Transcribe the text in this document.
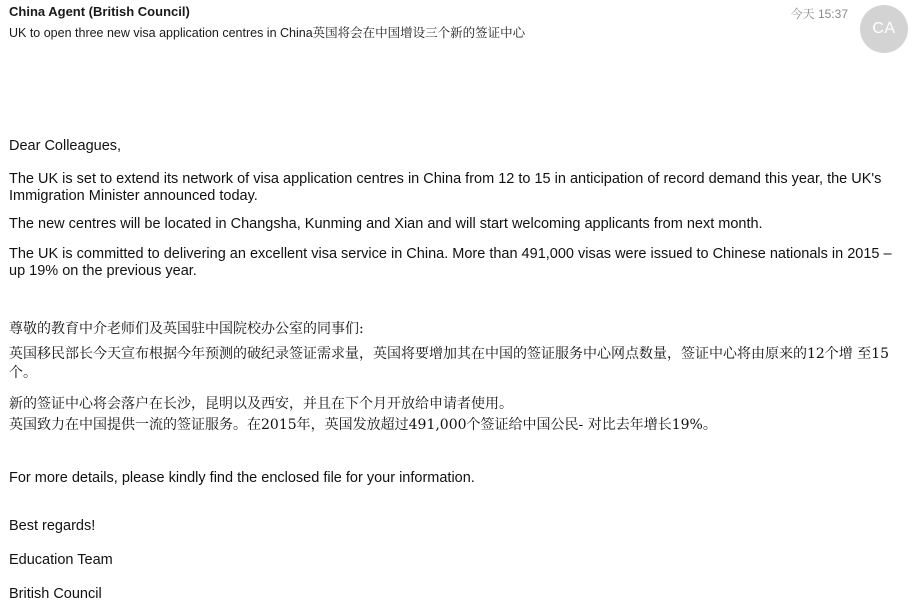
China Agent (British Council)
UK to open three new visa application centres in China英国将会在中国增设三个新的签证中心
今天 15:37
CA

Dear Colleagues,

The UK is set to extend its network of visa application centres in China from 12 to 15 in anticipation of record demand this year, the UK's Immigration Minister announced today.

The new centres will be located in Changsha, Kunming and Xian and will start welcoming applicants from next month.

The UK is committed to delivering an excellent visa service in China. More than 491,000 visas were issued to Chinese nationals in 2015 – up 19% on the previous year.

尊敬的教育中介老师们及英国驻中国院校办公室的同事们:

英国移民部长今天宣布根据今年预测的破纪录签证需求量，英国将要增加其在中国的签证服务中心网点数量，签证中心将由原来的12个增 至15个。

新的签证中心将会落户在长沙，昆明以及西安，并且在下个月开放给申请者使用。

英国致力在中国提供一流的签证服务。在2015年，英国发放超过491,000个签证给中国公民- 对比去年增长19%。

For more details, please kindly find the enclosed file for your information.

Best regards!

Education Team

British Council
